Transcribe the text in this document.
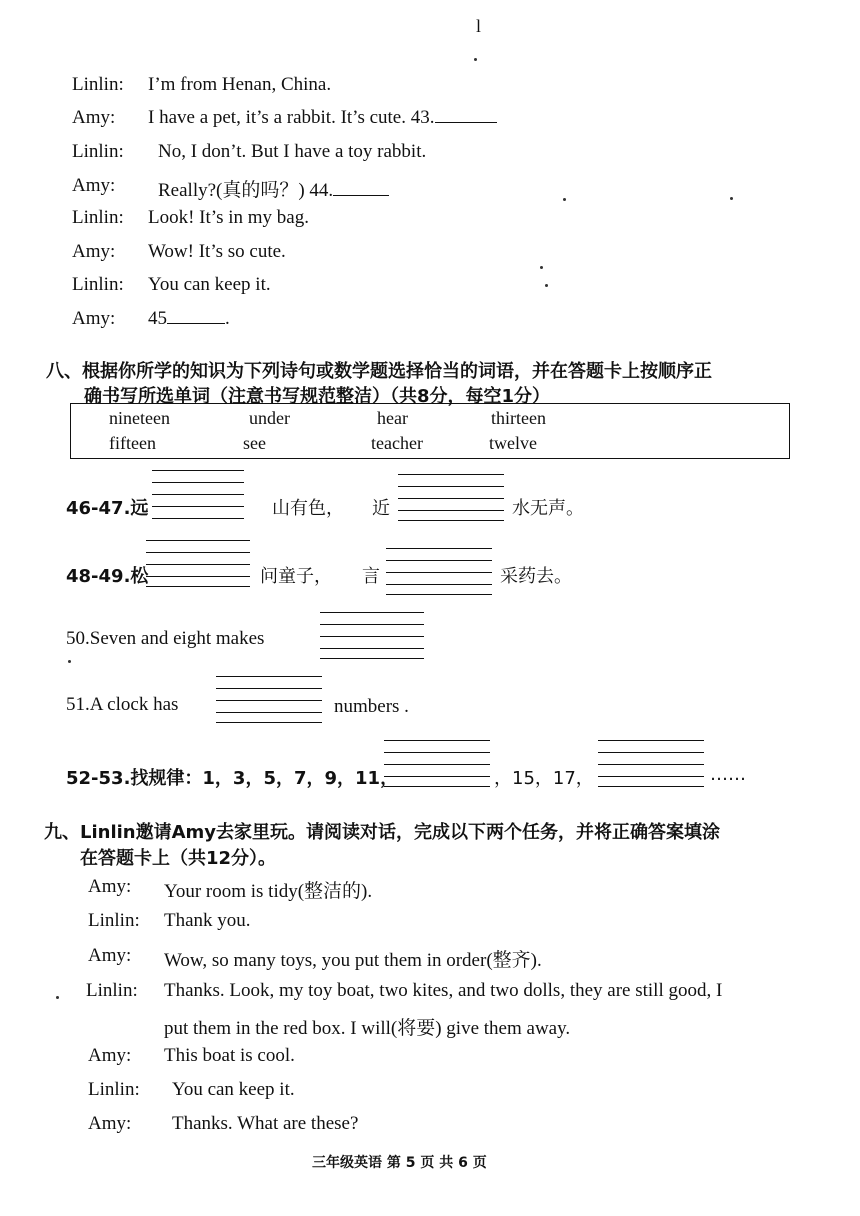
l
Linlin: I’m from Henan, China.
Amy: I have a pet, it’s a rabbit. It’s cute. 43.
Linlin: No, I don’t. But I have a toy rabbit.
Amy: Really?(真的吗？) 44.
Linlin: Look! It’s in my bag.
Amy: Wow! It’s so cute.
Linlin: You can keep it.
Amy: 45	.
八、根据你所学的知识为下列诗句或数学题选择恰当的词语，并在答题卡上按顺序正
确书写所选单词（注意书写规范整洁）（共8分，每空1分）
nineteen	under	hear	thirteen
fifteen	see	teacher	twelve
46-47.远	山有色， 近	水无声。
48-49.松	问童子， 言	采药去。
50.Seven and eight makes
51.A clock has	numbers .
52-53.找规律：1，3，5，7，9，11，	，15，17，	……
九、Linlin邀请Amy去家里玩。请阅读对话，完成以下两个任务，并将正确答案填涂
在答题卡上（共12分）。
Amy: Your room is tidy(整洁的).
Linlin: Thank you.
Amy: Wow, so many toys, you put them in order(整齐).
Linlin: Thanks. Look, my toy boat, two kites, and two dolls, they are still good, I
put them in the red box. I will(将要) give them away.
Amy: This boat is cool.
Linlin: You can keep it.
Amy: Thanks. What are these?
三年级英语 第 5 页 共 6 页
